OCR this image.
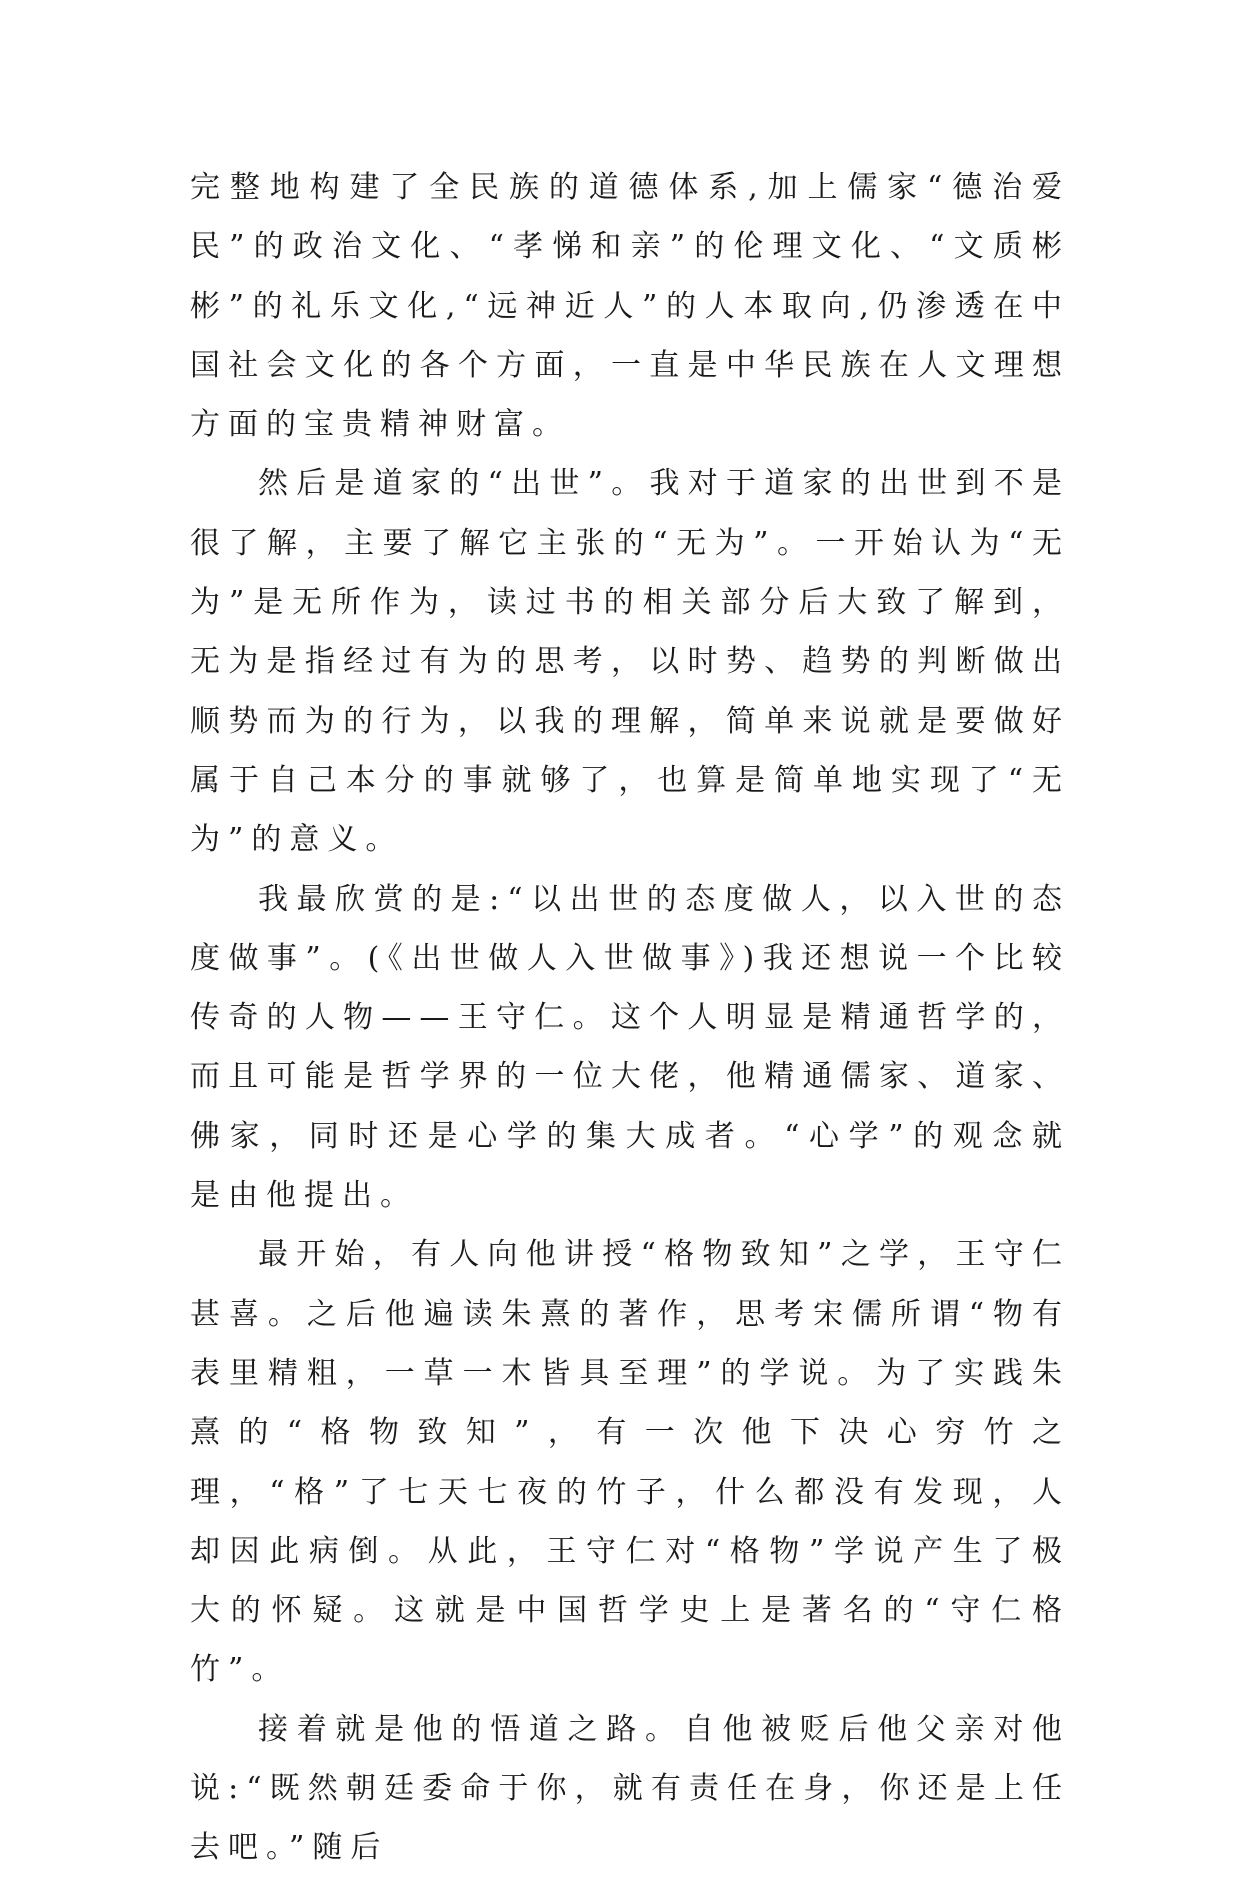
完整地构建了全民族的道德体系,加上儒家“德治爱民”的政治文化、“孝悌和亲”的伦理文化、“文质彬彬”的礼乐文化,“远神近人”的人本取向,仍渗透在中国社会文化的各个方面，一直是中华民族在人文理想方面的宝贵精神财富。

然后是道家的“出世”。我对于道家的出世到不是很了解，主要了解它主张的“无为”。一开始认为“无为”是无所作为，读过书的相关部分后大致了解到，无为是指经过有为的思考，以时势、趋势的判断做出顺势而为的行为，以我的理解，简单来说就是要做好属于自己本分的事就够了，也算是简单地实现了“无为”的意义。

我最欣赏的是:“以出世的态度做人，以入世的态度做事”。(《出世做人入世做事》)我还想说一个比较传奇的人物——王守仁。这个人明显是精通哲学的，而且可能是哲学界的一位大佬，他精通儒家、道家、佛家，同时还是心学的集大成者。“心学”的观念就是由他提出。

最开始，有人向他讲授“格物致知”之学，王守仁甚喜。之后他遍读朱熹的著作，思考宋儒所谓“物有表里精粗，一草一木皆具至理”的学说。为了实践朱熹的“格物致知”，有一次他下决心穷竹之理，“格”了七天七夜的竹子，什么都没有发现，人却因此病倒。从此，王守仁对“格物”学说产生了极大的怀疑。这就是中国哲学史上是著名的“守仁格竹”。

接着就是他的悟道之路。自他被贬后他父亲对他说:“既然朝廷委命于你，就有责任在身，你还是上任去吧。”随后
